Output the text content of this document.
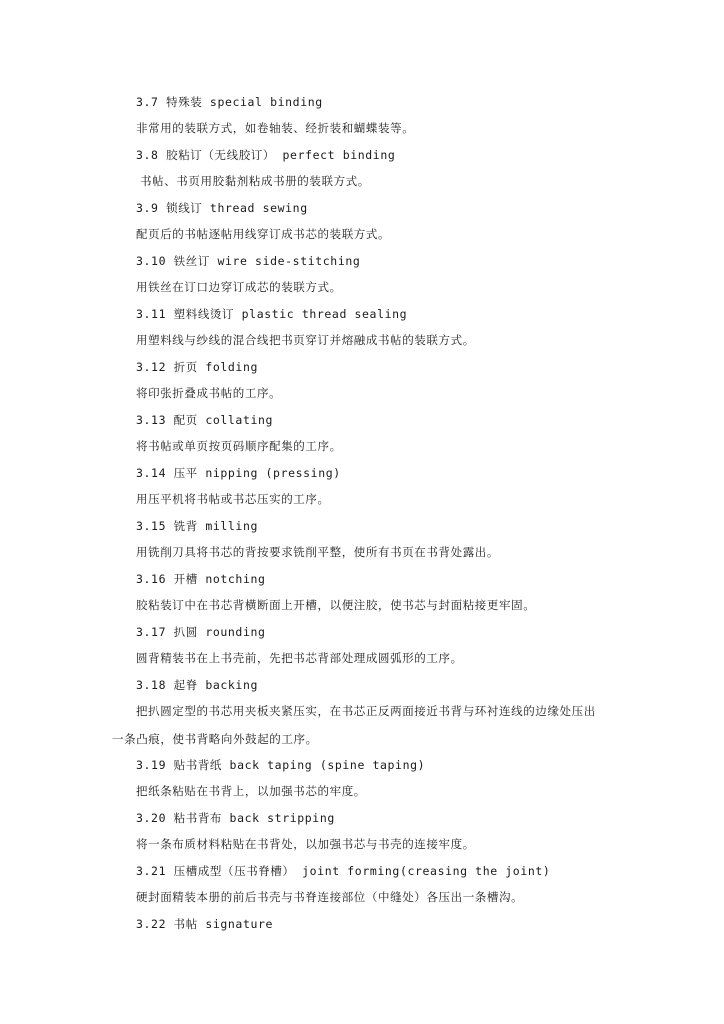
3.7 特殊装 special binding
非常用的装联方式，如卷轴装、经折装和蝴蝶装等。
3.8 胶粘订（无线胶订） perfect binding
书帖、书页用胶黏剂粘成书册的装联方式。
3.9 锁线订 thread sewing
配页后的书帖逐帖用线穿订成书芯的装联方式。
3.10 铁丝订 wire side-stitching
用铁丝在订口边穿订成芯的装联方式。
3.11 塑料线烫订 plastic thread sealing
用塑料线与纱线的混合线把书页穿订并熔融成书帖的装联方式。
3.12 折页 folding
将印张折叠成书帖的工序。
3.13 配页 collating
将书帖或单页按页码顺序配集的工序。
3.14 压平 nipping (pressing)
用压平机将书帖或书芯压实的工序。
3.15 铣背 milling
用铣削刀具将书芯的背按要求铣削平整，使所有书页在书背处露出。
3.16 开槽 notching
胶粘装订中在书芯背横断面上开槽，以便注胶，使书芯与封面粘接更牢固。
3.17 扒圆 rounding
圆背精装书在上书壳前，先把书芯背部处理成圆弧形的工序。
3.18 起脊 backing
把扒圆定型的书芯用夹板夹紧压实，在书芯正反两面接近书背与环衬连线的边缘处压出
一条凸痕，使书背略向外鼓起的工序。
3.19 贴书背纸 back taping (spine taping)
把纸条粘贴在书背上，以加强书芯的牢度。
3.20 粘书背布 back stripping
将一条布质材料粘贴在书背处，以加强书芯与书壳的连接牢度。
3.21 压槽成型（压书脊槽） joint forming(creasing the joint)
硬封面精装本册的前后书壳与书脊连接部位（中缝处）各压出一条槽沟。
3.22 书帖 signature
